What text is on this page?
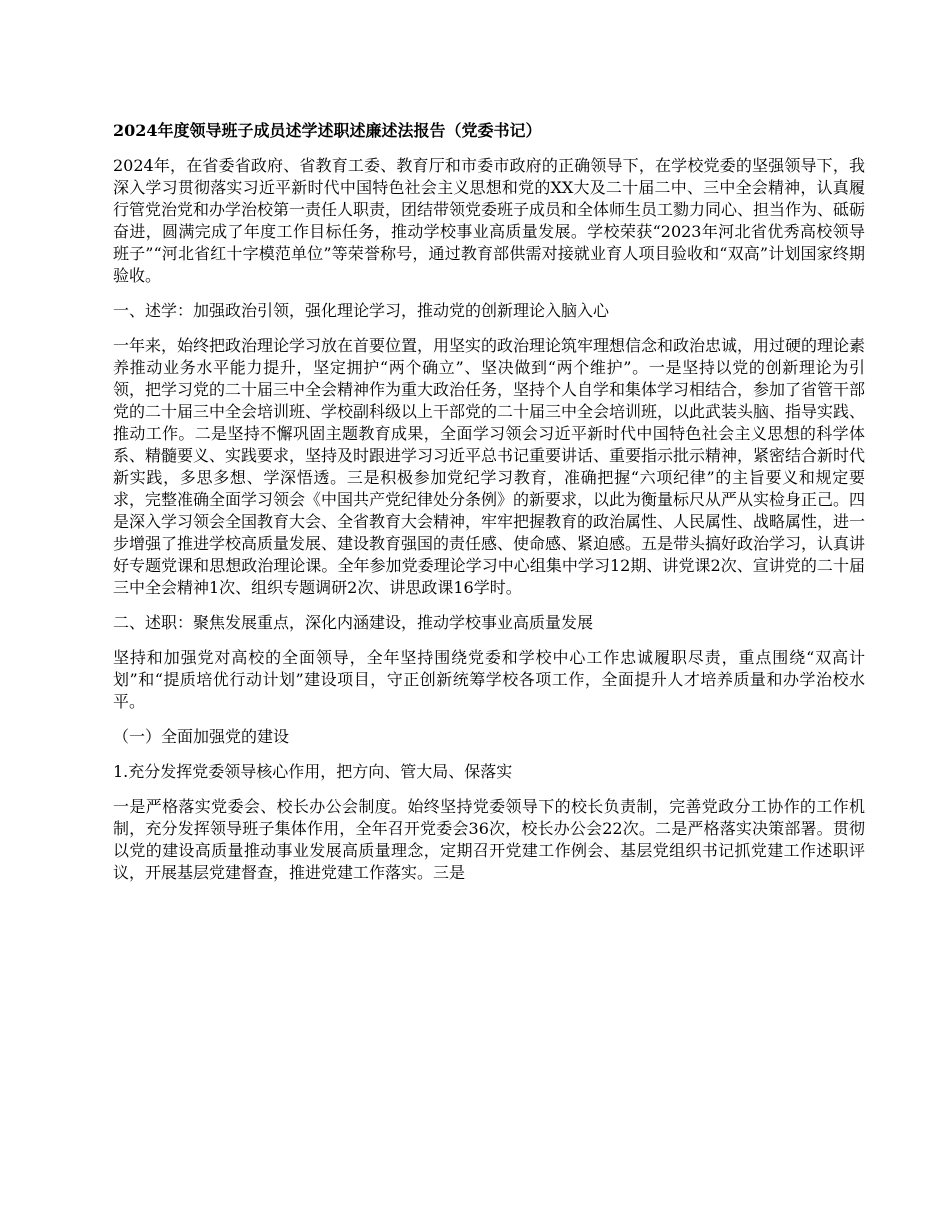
2024年度领导班子成员述学述职述廉述法报告（党委书记）

2024年，在省委省政府、省教育工委、教育厅和市委市政府的正确领导下，在学校党委的坚强领导下，我深入学习贯彻落实习近平新时代中国特色社会主义思想和党的XX大及二十届二中、三中全会精神，认真履行管党治党和办学治校第一责任人职责，团结带领党委班子成员和全体师生员工勠力同心、担当作为、砥砺奋进，圆满完成了年度工作目标任务，推动学校事业高质量发展。学校荣获“2023年河北省优秀高校领导班子”“河北省红十字模范单位”等荣誉称号，通过教育部供需对接就业育人项目验收和“双高”计划国家终期验收。

一、述学：加强政治引领，强化理论学习，推动党的创新理论入脑入心

一年来，始终把政治理论学习放在首要位置，用坚实的政治理论筑牢理想信念和政治忠诚，用过硬的理论素养推动业务水平能力提升，坚定拥护“两个确立”、坚决做到“两个维护”。一是坚持以党的创新理论为引领，把学习党的二十届三中全会精神作为重大政治任务，坚持个人自学和集体学习相结合，参加了省管干部党的二十届三中全会培训班、学校副科级以上干部党的二十届三中全会培训班，以此武装头脑、指导实践、推动工作。二是坚持不懈巩固主题教育成果，全面学习领会习近平新时代中国特色社会主义思想的科学体系、精髓要义、实践要求，坚持及时跟进学习习近平总书记重要讲话、重要指示批示精神，紧密结合新时代新实践，多思多想、学深悟透。三是积极参加党纪学习教育，准确把握“六项纪律”的主旨要义和规定要求，完整准确全面学习领会《中国共产党纪律处分条例》的新要求，以此为衡量标尺从严从实检身正己。四是深入学习领会全国教育大会、全省教育大会精神，牢牢把握教育的政治属性、人民属性、战略属性，进一步增强了推进学校高质量发展、建设教育强国的责任感、使命感、紧迫感。五是带头搞好政治学习，认真讲好专题党课和思想政治理论课。全年参加党委理论学习中心组集中学习12期、讲党课2次、宣讲党的二十届三中全会精神1次、组织专题调研2次、讲思政课16学时。

二、述职：聚焦发展重点，深化内涵建设，推动学校事业高质量发展

坚持和加强党对高校的全面领导，全年坚持围绕党委和学校中心工作忠诚履职尽责，重点围绕“双高计划”和“提质培优行动计划”建设项目，守正创新统筹学校各项工作，全面提升人才培养质量和办学治校水平。

（一）全面加强党的建设
1.充分发挥党委领导核心作用，把方向、管大局、保落实

一是严格落实党委会、校长办公会制度。始终坚持党委领导下的校长负责制，完善党政分工协作的工作机制，充分发挥领导班子集体作用，全年召开党委会36次，校长办公会22次。二是严格落实决策部署。贯彻以党的建设高质量推动事业发展高质量理念，定期召开党建工作例会、基层党组织书记抓党建工作述职评议，开展基层党建督查，推进党建工作落实。三是
